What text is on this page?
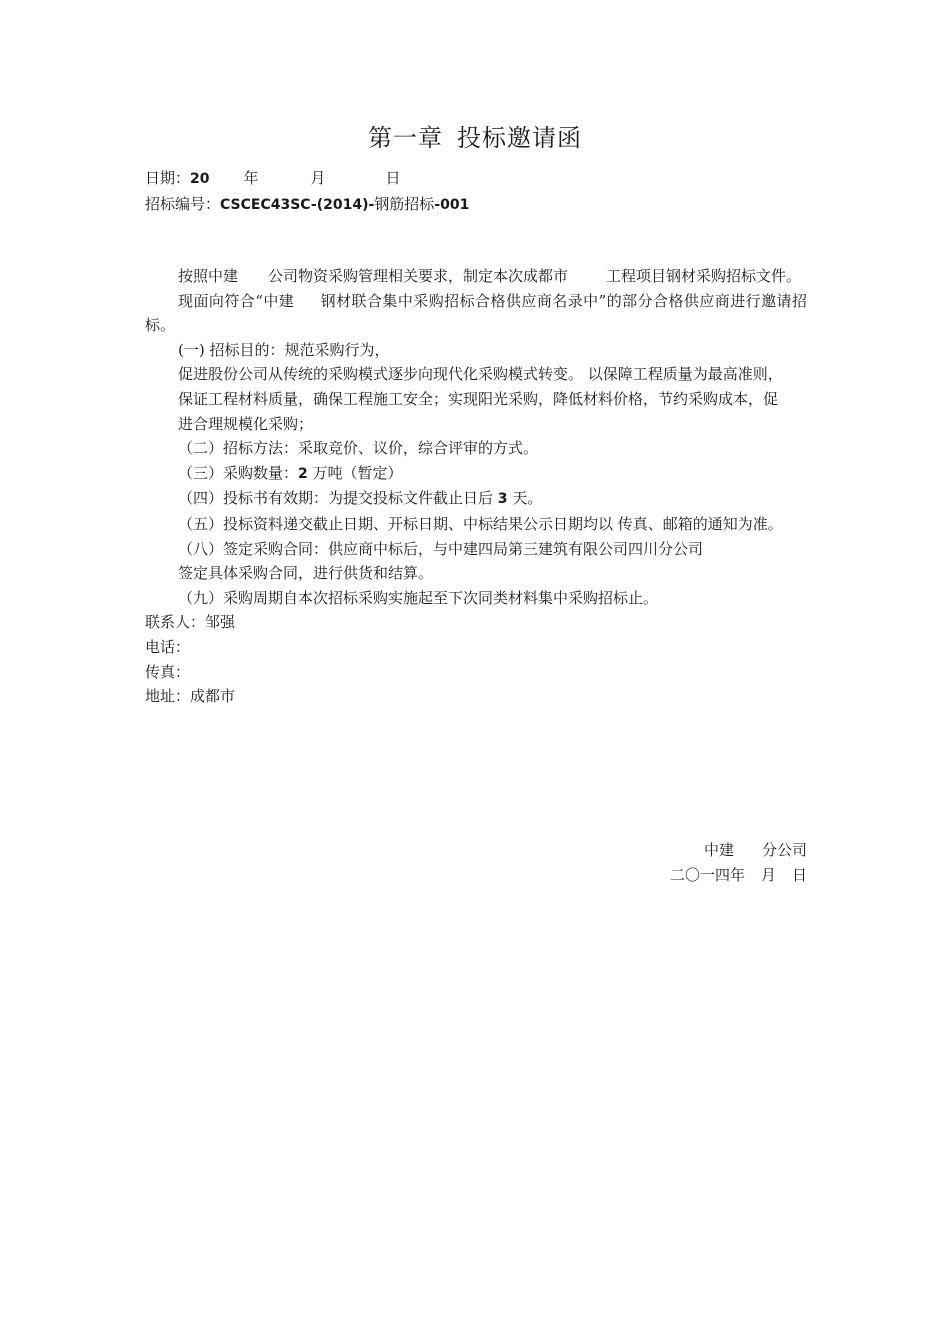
第一章 投标邀请函
日期：20 年	月	日
招标编号：CSCEC43SC-(2014)-钢筋招标-001

按照中建 公司物资采购管理相关要求，制定本次成都市	工程项目钢材采购招标文件。

现面向符合“中建 钢材联合集中采购招标合格供应商名录中”的部分合格供应商进行邀请招标。

(一) 招标目的：规范采购行为，

促进股份公司从传统的采购模式逐步向现代化采购模式转变。 以保障工程质量为最高准则，

保证工程材料质量，确保工程施工安全；实现阳光采购，降低材料价格，节约采购成本，促

进合理规模化采购；

（二）招标方法：采取竞价、议价，综合评审的方式。

（三）采购数量：2 万吨（暂定）

（四）投标书有效期：为提交投标文件截止日后 3 天。

（五）投标资料递交截止日期、开标日期、中标结果公示日期均以 传真、邮箱的通知为准。

（八）签定采购合同：供应商中标后，与中建四局第三建筑有限公司四川分公司

签定具体采购合同，进行供货和结算。

（九）采购周期自本次招标采购实施起至下次同类材料集中采购招标止。

联系人：邹强

电话：

传真：

地址：成都市

中建 分公司
二〇一四年 月 日
